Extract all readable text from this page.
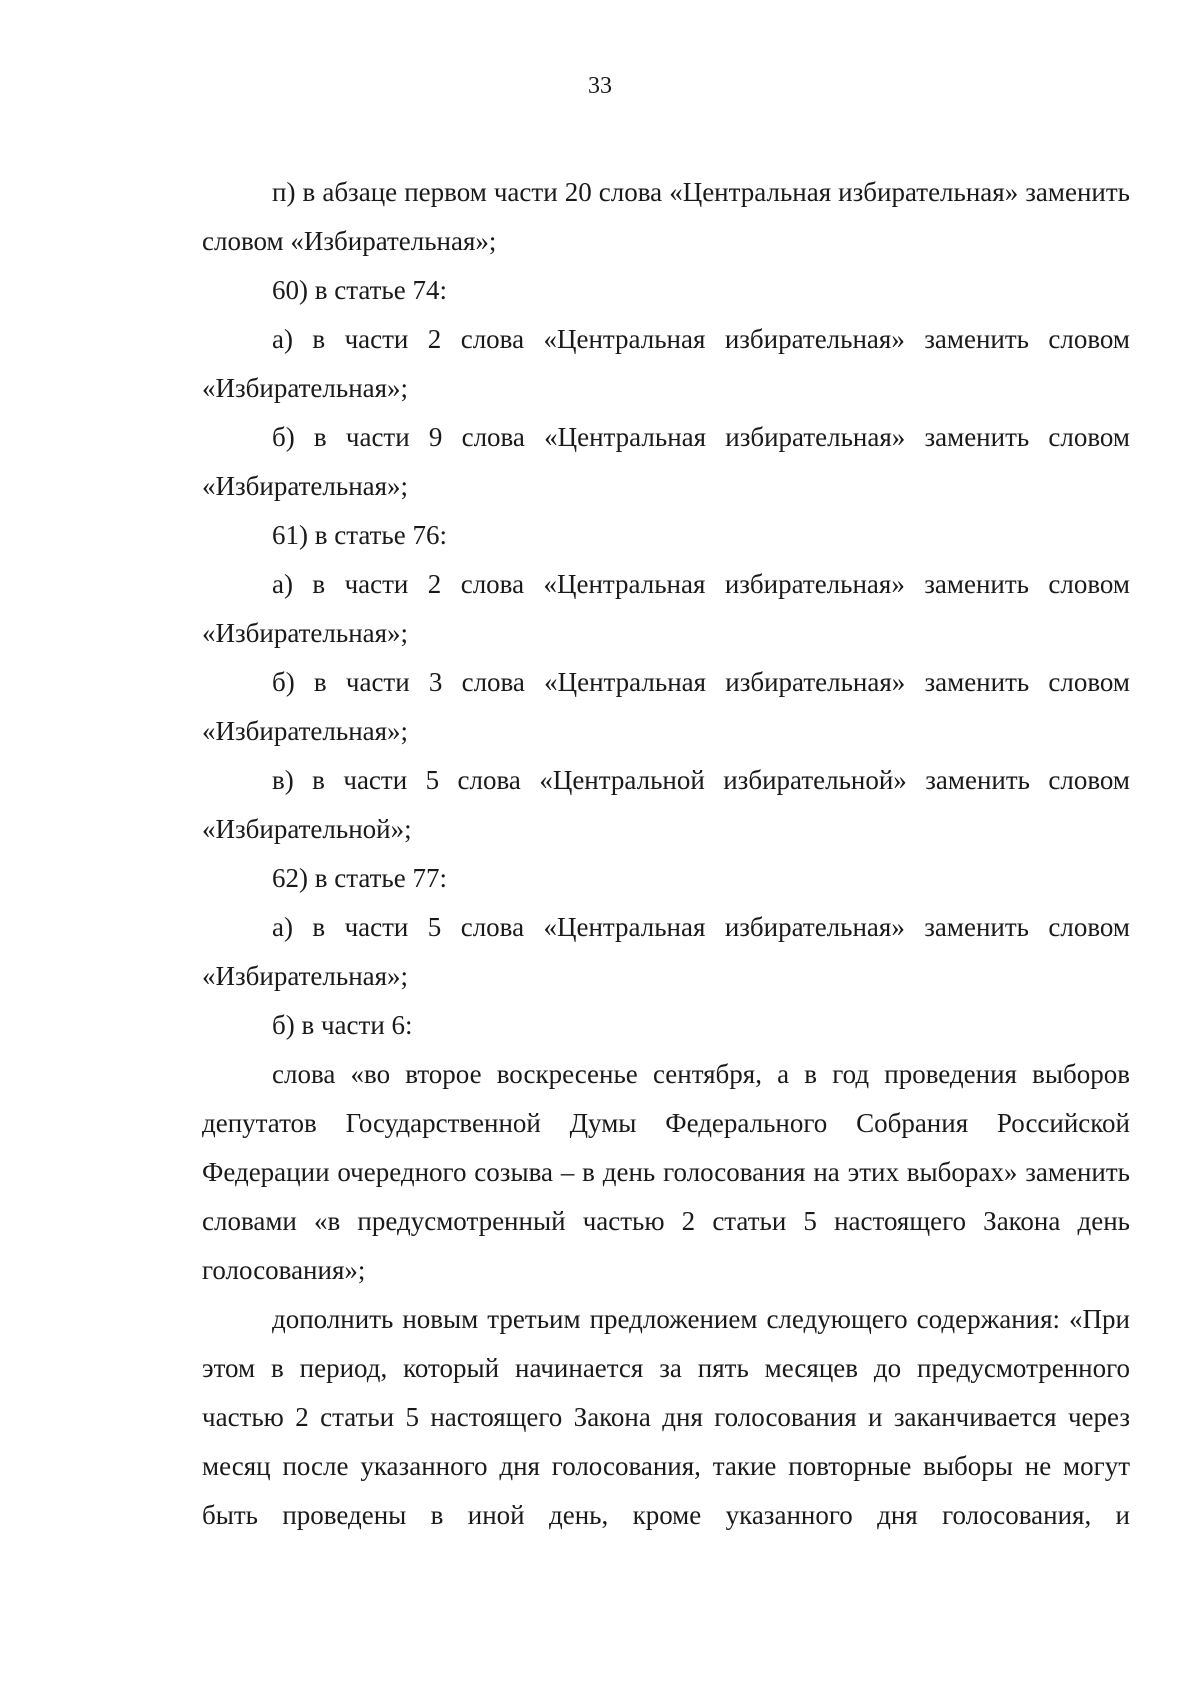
33

п) в абзаце первом части 20 слова «Центральная избирательная» заменить словом «Избирательная»;

60) в статье 74:

а) в части 2 слова «Центральная избирательная» заменить словом «Избирательная»;

б) в части 9 слова «Центральная избирательная» заменить словом «Избирательная»;

61) в статье 76:

а) в части 2 слова «Центральная избирательная» заменить словом «Избирательная»;

б) в части 3 слова «Центральная избирательная» заменить словом «Избирательная»;

в) в части 5 слова «Центральной избирательной» заменить словом «Избирательной»;

62) в статье 77:

а) в части 5 слова «Центральная избирательная» заменить словом «Избирательная»;

б) в части 6:

слова «во второе воскресенье сентября, а в год проведения выборов депутатов Государственной Думы Федерального Собрания Российской Федерации очередного созыва – в день голосования на этих выборах» заменить словами «в предусмотренный частью 2 статьи 5 настоящего Закона день голосования»;

дополнить новым третьим предложением следующего содержания: «При этом в период, который начинается за пять месяцев до предусмотренного частью 2 статьи 5 настоящего Закона дня голосования и заканчивается через месяц после указанного дня голосования, такие повторные выборы не могут быть проведены в иной день, кроме указанного дня голосования, и
